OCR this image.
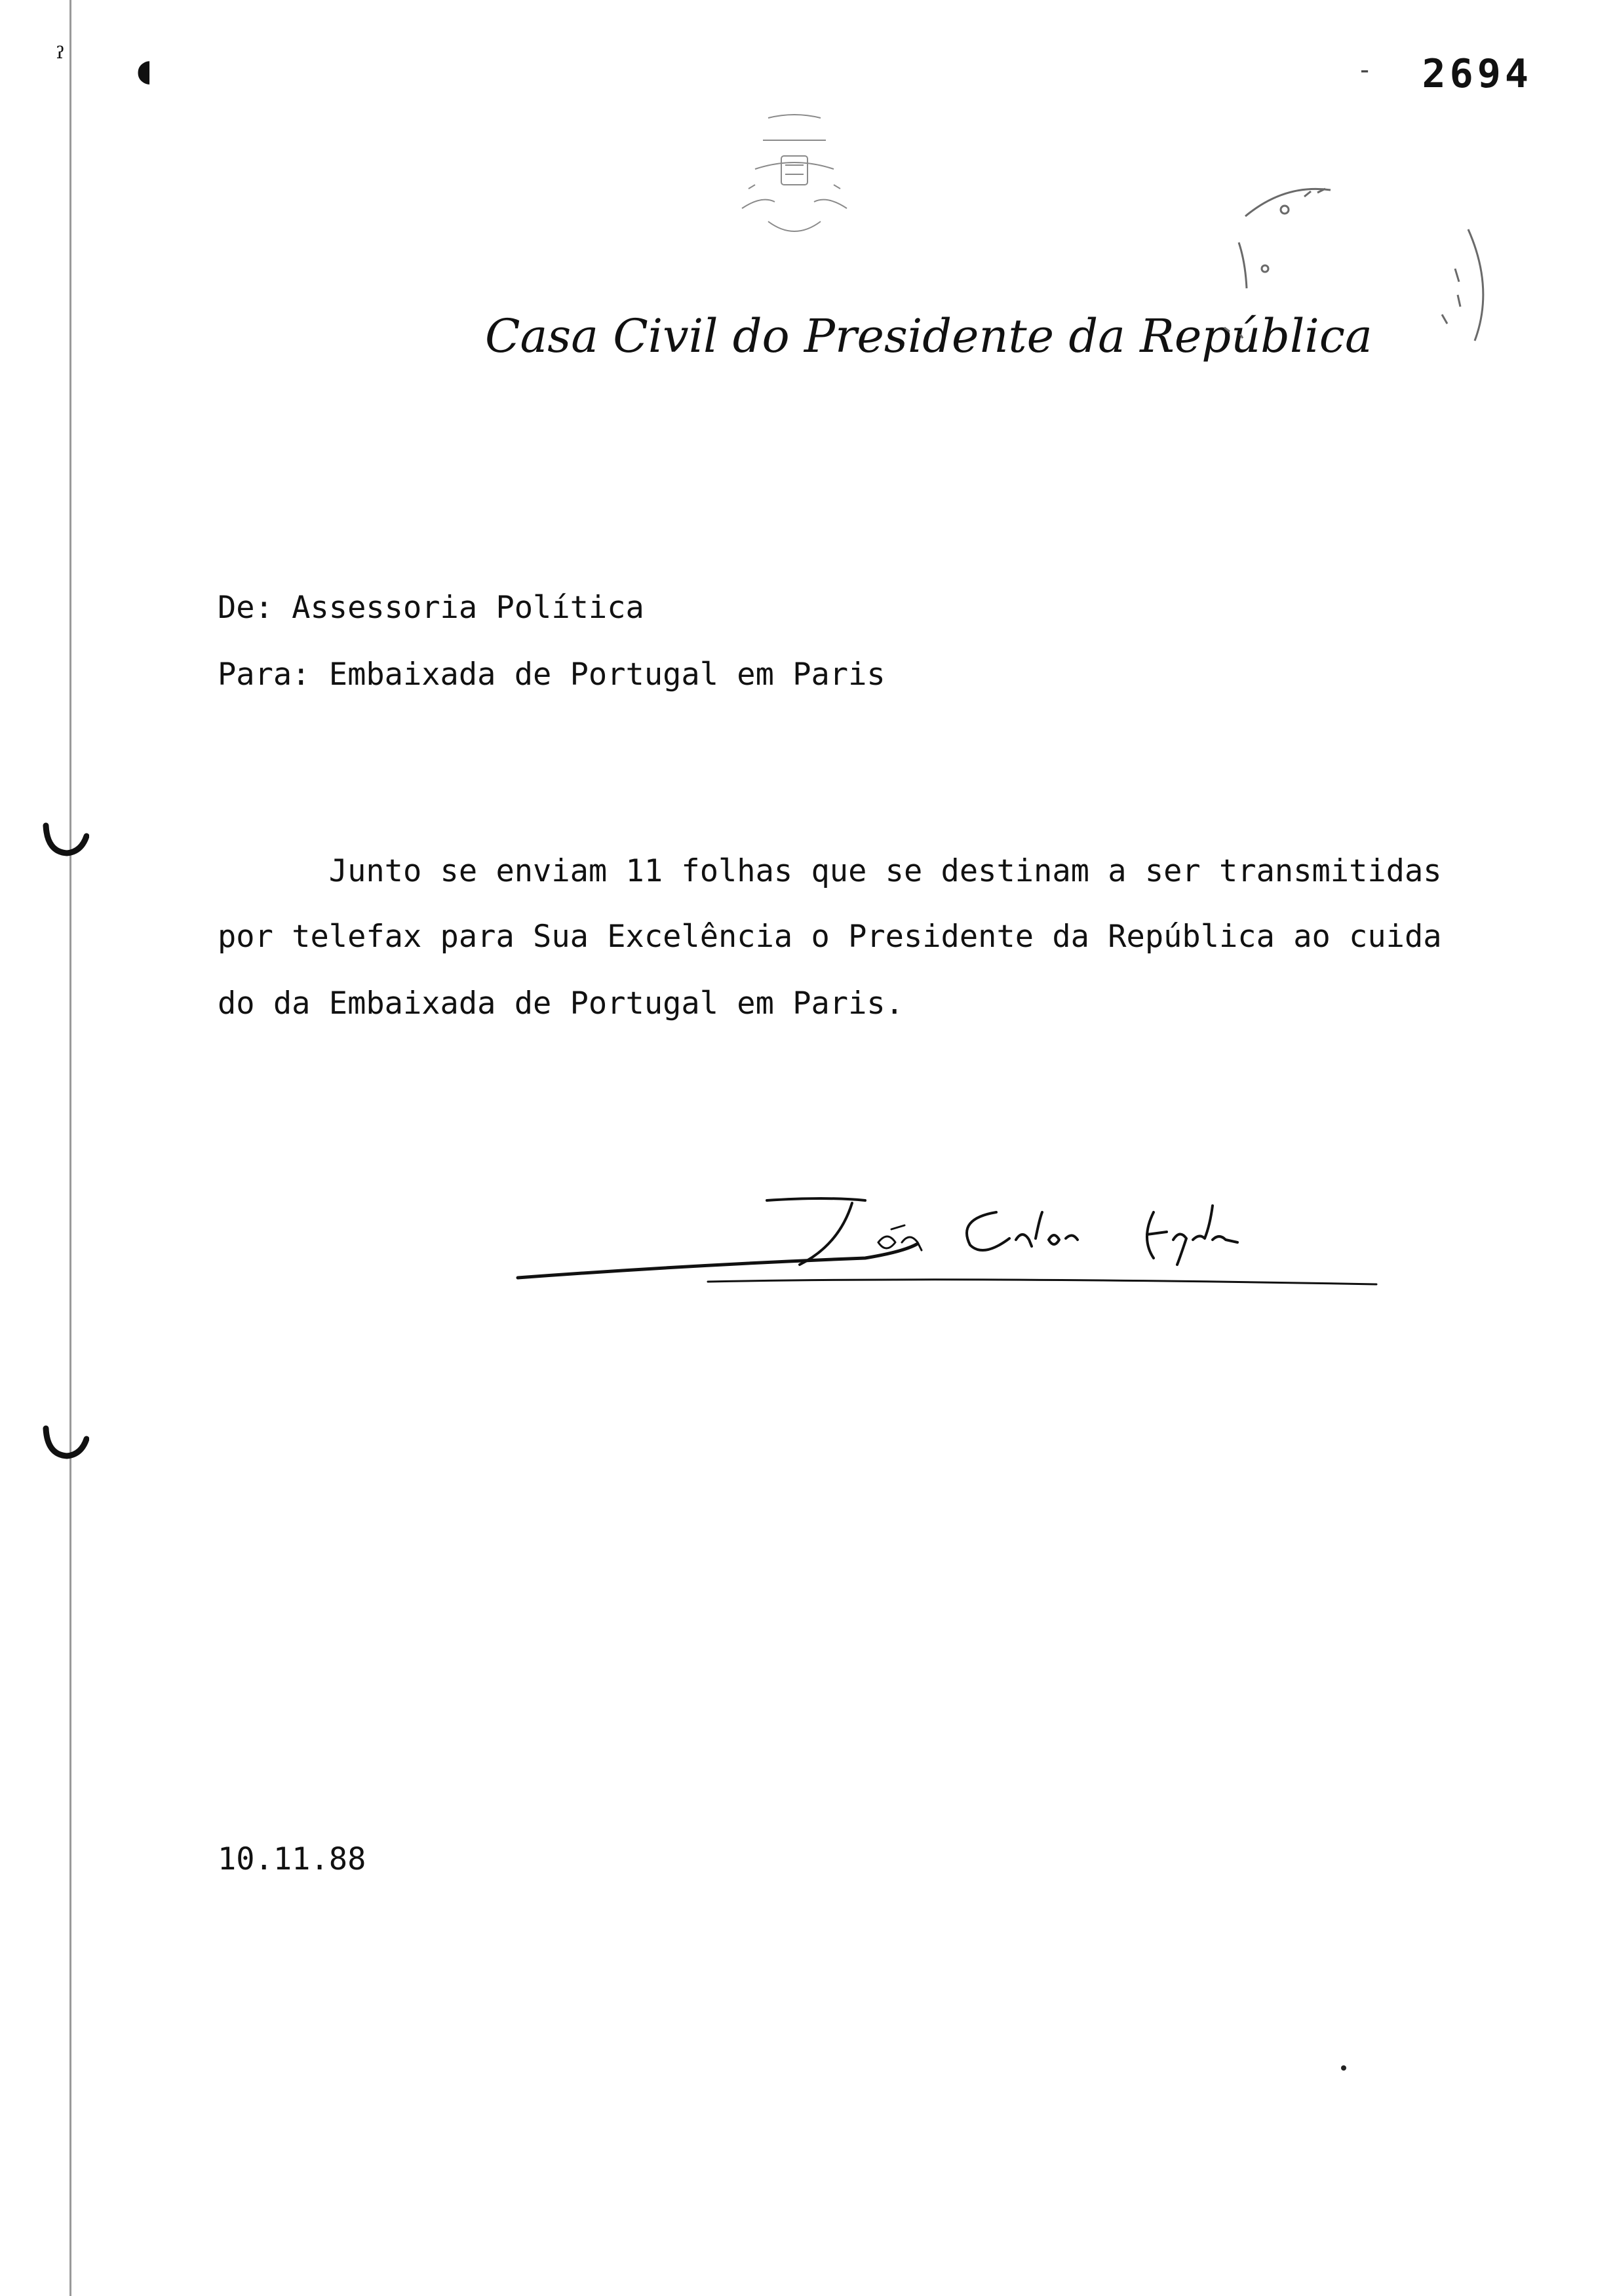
ˀ ◖	- 2694
Casa Civil do Presidente da República
De: Assessoria Política
Para: Embaixada de Portugal em Paris
Junto se enviam 11 folhas que se destinam a ser transmitidas
por telefax para Sua Excelência o Presidente da República ao cuida
do da Embaixada de Portugal em Paris.
10.11.88
